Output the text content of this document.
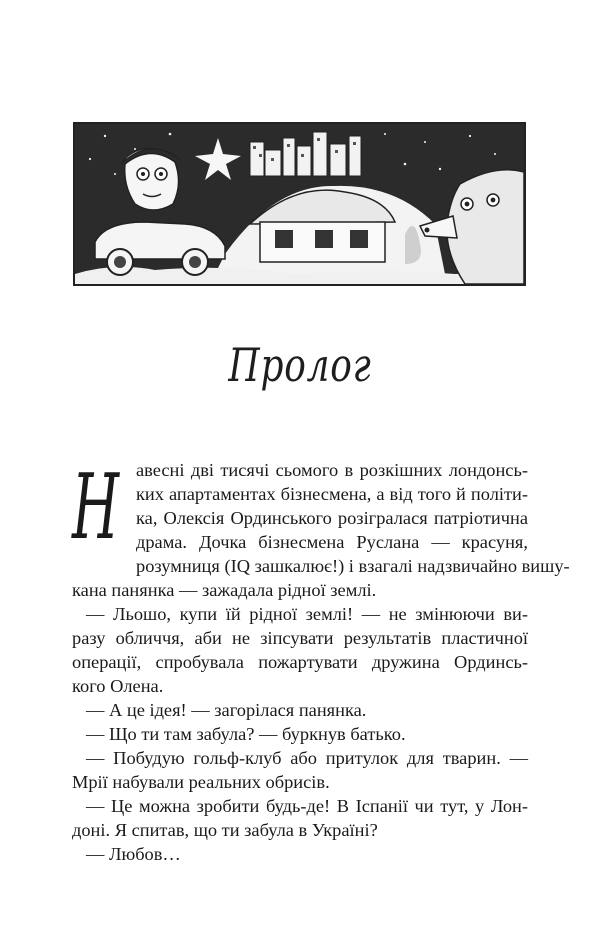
Пролог
Н авесні дві тисячі сьомого в розкішних лондонсь-
ких апартаментах бізнесмена, а від того й політи-
ка, Олексія Ординського розігралася патріотична
драма. Дочка бізнесмена Руслана — красуня,
розумниця (IQ зашкалює!) і взагалі надзвичайно вишу-
кана панянка — зажадала рідної землі.
— Льошо, купи їй рідної землі! — не змінюючи ви-
разу обличчя, аби не зіпсувати результатів пластичної
операції, спробувала пожартувати дружина Ординсь-
кого Олена.
— А це ідея! — загорілася панянка.
— Що ти там забула? — буркнув батько.
— Побудую гольф-клуб або притулок для тварин. —
Мрії набували реальних обрисів.
— Це можна зробити будь-де! В Іспанії чи тут, у Лон-
доні. Я спитав, що ти забула в Україні?
— Любов…
